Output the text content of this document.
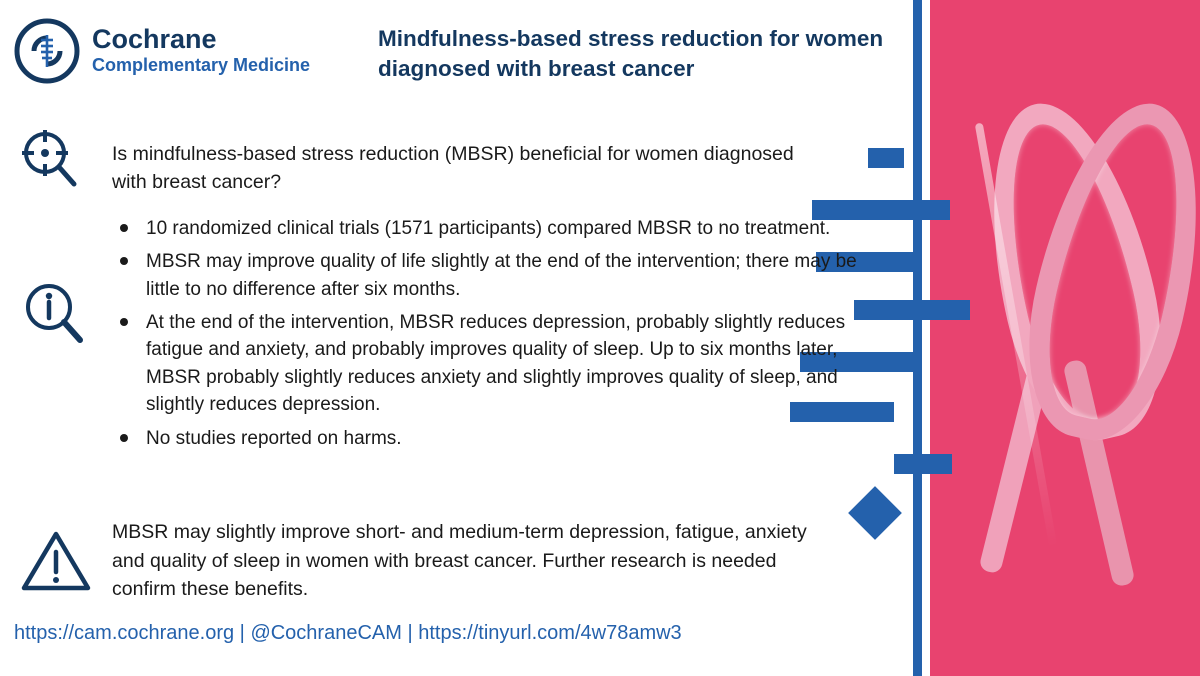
Cochrane
Complementary Medicine
Mindfulness-based stress reduction for women diagnosed with breast cancer
Is mindfulness-based stress reduction (MBSR) beneficial for women diagnosed with breast cancer?
10 randomized clinical trials (1571 participants) compared MBSR to no treatment.
MBSR may improve quality of life slightly at the end of the intervention; there may be little to no difference after six months.
At the end of the intervention, MBSR reduces depression, probably slightly reduces fatigue and anxiety, and probably improves quality of sleep. Up to six months later, MBSR probably slightly reduces anxiety and slightly improves quality of sleep, and slightly reduces depression.
No studies reported on harms.
MBSR may slightly improve short- and medium-term depression, fatigue, anxiety and quality of sleep in women with breast cancer. Further research is needed confirm these benefits.
https://cam.cochrane.org | @CochraneCAM | https://tinyurl.com/4w78amw3
